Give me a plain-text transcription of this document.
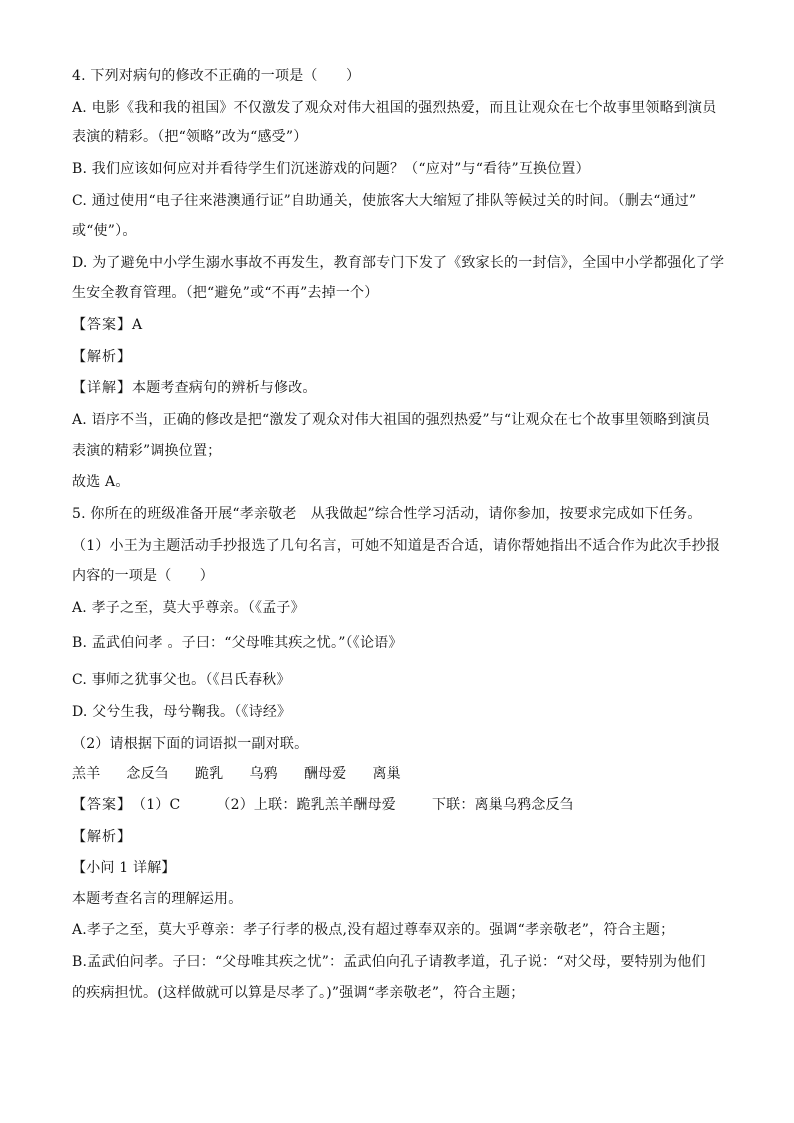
4. 下列对病句的修改不正确的一项是（　　）
A. 电影《我和我的祖国》不仅激发了观众对伟大祖国的强烈热爱，而且让观众在七个故事里领略到演员
表演的精彩。（把“领略”改为“感受”）
B. 我们应该如何应对并看待学生们沉迷游戏的问题？（“应对”与“看待”互换位置）
C. 通过使用“电子往来港澳通行证”自助通关，使旅客大大缩短了排队等候过关的时间。（删去“通过”
或“使”）。
D. 为了避免中小学生溺水事故不再发生，教育部专门下发了《致家长的一封信》，全国中小学都强化了学
生安全教育管理。（把“避免”或“不再”去掉一个）
【答案】A
【解析】
【详解】本题考查病句的辨析与修改。
A. 语序不当，正确的修改是把“激发了观众对伟大祖国的强烈热爱”与“让观众在七个故事里领略到演员
表演的精彩”调换位置；
故选 A。
5. 你所在的班级准备开展“孝亲敬老　从我做起”综合性学习活动，请你参加，按要求完成如下任务。
（1）小王为主题活动手抄报选了几句名言，可她不知道是否合适，请你帮她指出不适合作为此次手抄报
内容的一项是（　　）
A. 孝子之至，莫大乎尊亲。（《孟子》
B. 孟武伯问孝 。子曰：“父母唯其疾之忧。”（《论语》
C. 事师之犹事父也。（《吕氏春秋》
D. 父兮生我，母兮鞠我。（《诗经》
（2）请根据下面的词语拟一副对联。
羔羊 念反刍 跪乳 乌鸦 酬母爱 离巢
【答案】（1）C	（2）上联：跪乳羔羊酬母爱	下联：离巢乌鸦念反刍
【解析】
【小问 1 详解】
本题考查名言的理解运用。
A.孝子之至，莫大乎尊亲：孝子行孝的极点,没有超过尊奉双亲的。强调“孝亲敬老”，符合主题；
B.孟武伯问孝。子曰：“父母唯其疾之忧”：孟武伯向孔子请教孝道，孔子说：“对父母，要特别为他们
的疾病担忧。(这样做就可以算是尽孝了。)”强调“孝亲敬老”，符合主题；
